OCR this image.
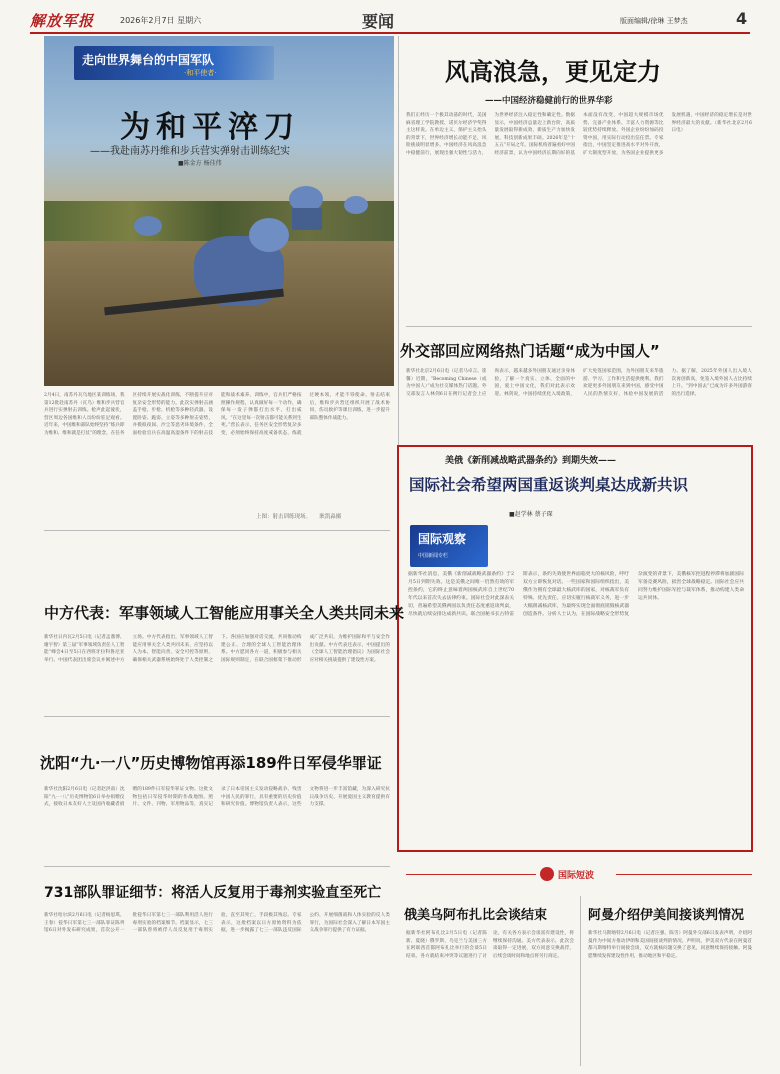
解放军报	2026年2月7日 星期六	要闻	版面编辑/徐琳 王梦杰	4
走向世界舞台的中国军队
·和平使者·
为和平淬刀
——我赴南苏丹维和步兵营实弹射击训练纪实
■陈金方 杨佳伟
2月4日，南苏丹瓦乌地区某训练场，我第12批赴南苏丹（瓦乌）维和步兵营官兵进行实弹射击训练。枪声此起彼伏，营区周边各国维和人员纷纷驻足观看。近年来，中国维和部队始终坚持“练兵即为维和、维和就是打仗”的理念，在任务区持续开展实战化训练，不断提升应对复杂安全形势的能力。此次实弹射击涵盖手枪、步枪、机枪等多种轻武器，设置卧姿、跪姿、立姿等多种射击姿势，并模拟夜间、沙尘等恶劣环境条件，全面检验官兵在高温高湿条件下的射击技能和战术素养。训练中，官兵们严格按照操作规程，认真做好每一个动作，确保每一发子弹都打出水平、打出威风。“在这里每一次射击都可能关系到生死。”营长表示，任务区安全形势复杂多变，必须始终保持高度戒备状态，练就过硬本领，才能不辱使命。射击结束后，维和步兵营还组织开展了战术协同、伤员救护等课目训练，进一步提升部队整体作战能力。
上图：射击训练现场。　　耿凯淼摄
风高浪急，更见定力
——中国经济稳健前行的世界华彩
我们正经历一个极其动荡的时代，美国麻省理工学院教授、诺贝尔经济学奖得主这样说。在单边主义、保护主义抬头的背景下，世界经济增长动能不足，风险挑战明显增多。中国经济在风高浪急中稳健前行，展现出强大韧性与活力，为世界经济注入稳定性和确定性。数据显示，中国经济总量迈上新台阶，高质量发展取得新成效，新质生产力加快发展，科技创新成果丰硕。2026年是“十五五”开局之年。国际机构普遍看好中国经济前景，认为中国经济长期向好的基本面没有改变，中国超大规模市场优势、完备产业体系、丰富人力资源等比较优势持续释放。外国企业纷纷加码投资中国，用实际行动投出信任票。专家指出，中国坚定推进高水平对外开放，扩大制度型开放，为各国企业提供更多发展机遇，中国经济的稳定增长是对世界经济最大的贡献。（新华社北京2月6日电）
外交部回应网络热门话题“成为中国人”
新华社北京2月6日电（记者马卓言、崔馨）近期，“Becoming Chinese（成为中国人）”成为社交媒体热门话题。外交部发言人林剑6日在例行记者会上应询表示，越来越多外国朋友通过亲身体验，了解一个真实、立体、全面的中国，爱上中国文化，我们对此表示欢迎。林剑说，中国持续优化入境政策，扩大免签国家范围，为外国朋友来华旅游、学习、工作和生活提供便利。我们欢迎更多外国朋友来到中国，感受中国人民的热情友好，体验中国发展的活力。据了解，2025年外国人出入境人次再创新高，免签入境外国人占比持续上升。“到中国去”已成为许多外国游客的出行选择。
美俄《新削减战略武器条约》到期失效——
国际社会希望两国重返谈判桌达成新共识
■赵学林 蔡子琛
国际观察
中国新闻专栏
据新华社消息，美俄《新削减战略武器条约》于2月5日到期失效。这是美俄之间唯一仍然有效的军控条约，它的终止意味着两国核武库自上世纪70年代以来首次失去法律约束。国际社会对此深表关切，普遍希望美俄两国以负责任态度重返谈判桌，尽快就后续安排达成新共识。联合国秘书长古特雷斯表示，条约失效使世界面临更大的核风险，呼吁双方立即恢复对话。一些国家和国际组织指出，美俄作为拥有全球最大核武库的国家，对核裁军负有特殊、优先责任，应切实履行核裁军义务，进一步大幅削减核武库，为最终实现全面彻底销毁核武器创造条件。分析人士认为，在国际战略安全形势复杂演变的背景下，美俄核军控进程停滞将加剧国际军备竞赛风险，损害全球战略稳定。国际社会应共同努力维护国际军控与裁军体系，推动构建人类命运共同体。
中方代表：军事领域人工智能应用事关全人类共同未来
新华社日内瓦2月5日电（记者孟鼎博、谢宇智）第三届“军事领域负责任人工智能”峰会4日至5日在西班牙拉科鲁尼亚举行。中国代表团出席会议并阐述中方立场。中方代表指出，军事领域人工智能应用事关全人类共同未来，应坚持以人为本、智能向善、安全可控等原则，确保相关武器系统始终处于人类控制之下。各国应加强对话交流，共同推动构建公正、合理的全球人工智能治理体系。中方愿同各方一道，积极参与相关国际规则制定，在联合国框架下推动形成广泛共识，为维护国际和平与安全作出贡献。中方代表还表示，中国提出的《全球人工智能治理倡议》为国际社会应对相关挑战提供了建设性方案。
沈阳“九·一八”历史博物馆再添189件日军侵华罪证
新华社沈阳2月6日电（记者赵洪南）沈阳“九·一八”历史博物馆6日举办捐赠仪式，接收日本友好人士及国内收藏者捐赠的189件日军侵华罪证文物。这批文物包括日军侵华时期的作战地图、照片、文件、刊物、军用物品等，真实记录了日本帝国主义发动侵略战争、残害中国人民的罪行，具有重要的历史价值和研究价值。博物馆负责人表示，这些文物将进一步丰富馆藏，为深入研究抗日战争历史、开展爱国主义教育提供有力支撑。
731部队罪证细节：将活人反复用于毒剂实验直至死亡
新华社哈尔滨2月6日电（记者杨思琪、王春）侵华日军第七三一部队罪证陈列馆6日对外发布研究成果，首次公开一批侵华日军第七三一部队利用活人进行毒剂实验的档案细节。档案显示，七三一部队曾将被俘人员反复用于毒剂实验，直至其死亡，手段极其残忍。专家表示，这批档案以日方原始资料为依据，进一步揭露了七三一部队违反国际公约、开展细菌战和人体实验的反人类罪行，为国际社会深入了解日本军国主义战争罪行提供了有力证据。
国际短波
俄美乌阿布扎比会谈结束
据新华社阿布扎比2月5日电（记者陈新、夏晓）俄罗斯、乌克兰与美国三方在阿联酋首都阿布扎比举行的会谈5日结束。各方就结束冲突等议题进行了讨论，有关各方表示会谈富有建设性，将继续保持沟通。美方代表表示，此次会谈取得一定进展，双方同意交换战俘，后续会谈时间和地点将另行商定。
阿曼介绍伊美间接谈判情况
新华社马斯喀特2月6日电（记者汪强、陈雪）阿曼外交部6日发表声明，介绍阿曼作为中间方推动伊朗和美国间接谈判的情况。声明说，伊美双方代表在阿曼首都马斯喀特举行间接会谈，双方就核问题交换了意见，同意继续保持接触。阿曼愿继续发挥建设性作用，推动地区和平稳定。
